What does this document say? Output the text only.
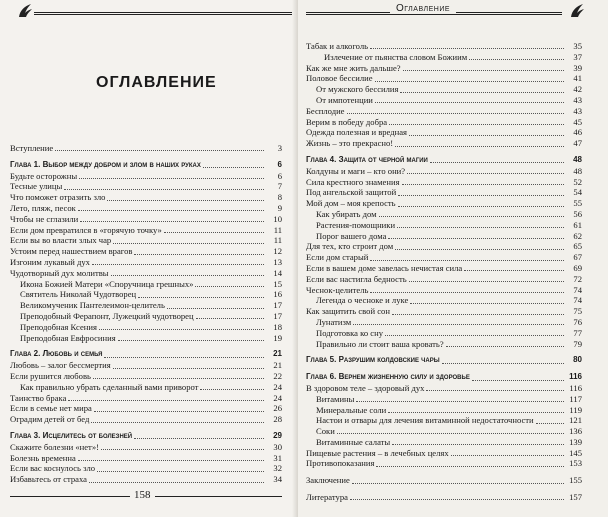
ОГЛАВЛЕНИЕ
Вступление	3
Глава 1. Выбор между добром и злом в наших руках	6
Будьте осторожны	6
Тесные улицы	7
Что поможет отразить зло	8
Лето, пляж, песок	9
Чтобы не сглазили	10
Если дом превратился в «горячую точку»	11
Если вы во власти злых чар	11
Устоим перед нашествием врагов	12
Изгоним лукавый дух	13
Чудотворный дух молитвы	14
Икона Божией Матери «Споручница грешных»	15
Святитель Николай Чудотворец	16
Великомученик Пантелеимон-целитель	17
Преподобный Ферапонт, Лужецкий чудотворец	17
Преподобная Ксения	18
Преподобная Евфросиния	19
Глава 2. Любовь и семья	21
Любовь – залог бессмертия	21
Если рушится любовь	22
Как правильно убрать сделанный вами приворот	24
Таинство брака	24
Если в семье нет мира	26
Оградим детей от бед	28
Глава 3. Исцелитесь от болезней	29
Скажите болезни «нет»!	30
Болезнь временна	31
Если вас коснулось зло	32
Избавьтесь от страха	34
158
Оглавление
Табак и алкоголь	35
Излечение от пьянства словом Божиим	37
Как же мне жить дальше?	39
Половое бессилие	41
От мужского бессилия	42
От импотенции	43
Бесплодие	43
Верим в победу добра	45
Одежда полезная и вредная	46
Жизнь – это прекрасно!	47
Глава 4. Защита от черной магии	48
Колдуны и маги – кто они?	48
Сила крестного знамения	52
Под ангельской защитой	54
Мой дом – моя крепость	55
Как убирать дом	56
Растения-помощники	61
Порог вашего дома	62
Для тех, кто строит дом	65
Если дом старый	67
Если в вашем доме завелась нечистая сила	69
Если вас настигла бедность	72
Чеснок-целитель	74
Легенда о чесноке и луке	74
Как защитить свой сон	75
Лунатизм	76
Подготовка ко сну	77
Правильно ли стоит ваша кровать?	79
Глава 5. Разрушим колдовские чары	80
Глава 6. Вернем жизненную силу и здоровье	116
В здоровом теле – здоровый дух	116
Витамины	117
Минеральные соли	119
Настои и отвары для лечения витаминной недостаточности	121
Соки	136
Витаминные салаты	139
Пищевые растения – в лечебных целях	145
Противопоказания	153
Заключение	155
Литература	157
